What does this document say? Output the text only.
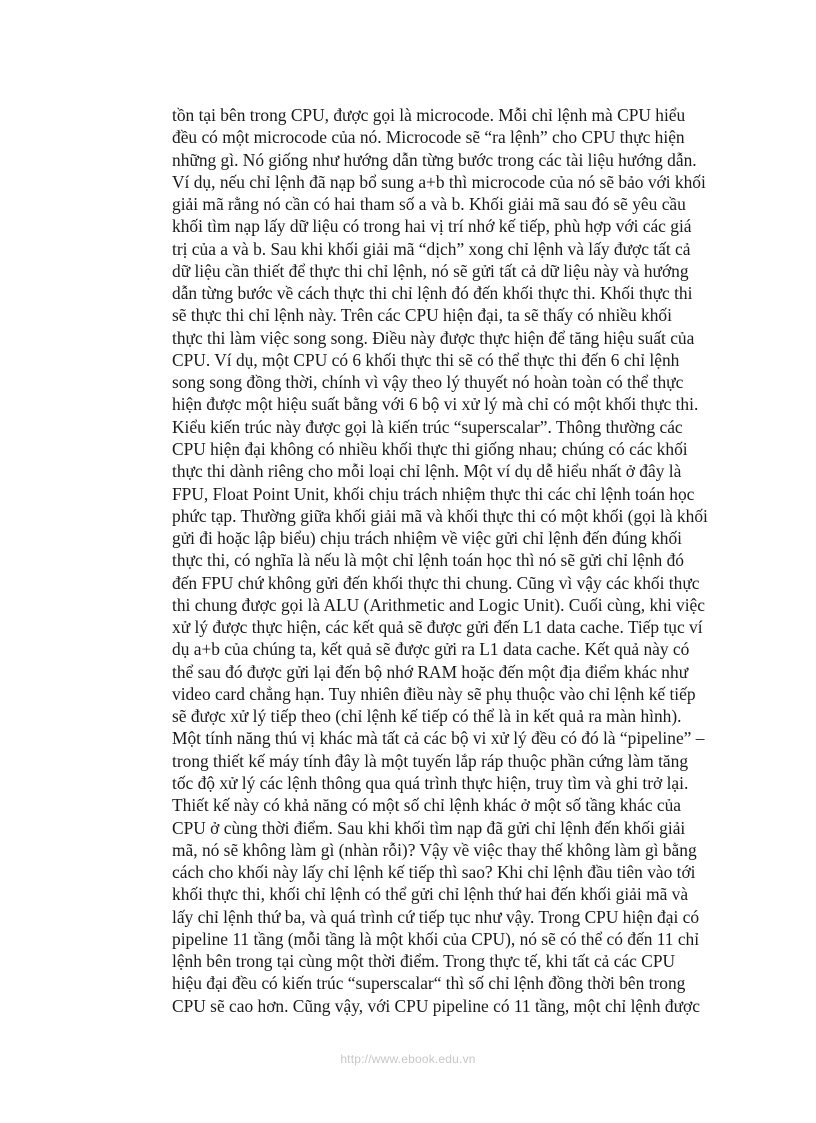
tồn tại bên trong CPU, được gọi là microcode. Mỗi chỉ lệnh mà CPU hiểu
đều có một microcode của nó. Microcode sẽ “ra lệnh” cho CPU thực hiện
những gì. Nó giống như hướng dẫn từng bước trong các tài liệu hướng dẫn.
Ví dụ, nếu chỉ lệnh đã nạp bổ sung a+b thì microcode của nó sẽ bảo với khối
giải mã rằng nó cần có hai tham số a và b. Khối giải mã sau đó sẽ yêu cầu
khối tìm nạp lấy dữ liệu có trong hai vị trí nhớ kế tiếp, phù hợp với các giá
trị của a và b. Sau khi khối giải mã “dịch” xong chỉ lệnh và lấy được tất cả
dữ liệu cần thiết để thực thi chỉ lệnh, nó sẽ gửi tất cả dữ liệu này và hướng
dẫn từng bước về cách thực thi chỉ lệnh đó đến khối thực thi. Khối thực thi
sẽ thực thi chỉ lệnh này. Trên các CPU hiện đại, ta sẽ thấy có nhiều khối
thực thi làm việc song song. Điều này được thực hiện để tăng hiệu suất của
CPU. Ví dụ, một CPU có 6 khối thực thi sẽ có thể thực thi đến 6 chỉ lệnh
song song đồng thời, chính vì vậy theo lý thuyết nó hoàn toàn có thể thực
hiện được một hiệu suất bằng với 6 bộ vi xử lý mà chỉ có một khối thực thi.
Kiểu kiến trúc này được gọi là kiến trúc “superscalar”. Thông thường các
CPU hiện đại không có nhiều khối thực thi giống nhau; chúng có các khối
thực thi dành riêng cho mỗi loại chỉ lệnh. Một ví dụ dễ hiểu nhất ở đây là
FPU, Float Point Unit, khối chịu trách nhiệm thực thi các chỉ lệnh toán học
phức tạp. Thường giữa khối giải mã và khối thực thi có một khối (gọi là khối
gửi đi hoặc lập biểu) chịu trách nhiệm về việc gửi chỉ lệnh đến đúng khối
thực thi, có nghĩa là nếu là một chỉ lệnh toán học thì nó sẽ gửi chỉ lệnh đó
đến FPU chứ không gửi đến khối thực thi chung. Cũng vì vậy các khối thực
thi chung được gọi là ALU (Arithmetic and Logic Unit). Cuối cùng, khi việc
xử lý được thực hiện, các kết quả sẽ được gửi đến L1 data cache. Tiếp tục ví
dụ a+b của chúng ta, kết quả sẽ được gửi ra L1 data cache. Kết quả này có
thể sau đó được gửi lại đến bộ nhớ RAM hoặc đến một địa điểm khác như
video card chẳng hạn. Tuy nhiên điều này sẽ phụ thuộc vào chỉ lệnh kế tiếp
sẽ được xử lý tiếp theo (chỉ lệnh kế tiếp có thể là in kết quả ra màn hình).
Một tính năng thú vị khác mà tất cả các bộ vi xử lý đều có đó là “pipeline” –
trong thiết kế máy tính đây là một tuyến lắp ráp thuộc phần cứng làm tăng
tốc độ xử lý các lệnh thông qua quá trình thực hiện, truy tìm và ghi trở lại.
Thiết kế này có khả năng có một số chỉ lệnh khác ở một số tầng khác của
CPU ở cùng thời điểm. Sau khi khối tìm nạp đã gửi chỉ lệnh đến khối giải
mã, nó sẽ không làm gì (nhàn rỗi)? Vậy về việc thay thế không làm gì bằng
cách cho khối này lấy chỉ lệnh kế tiếp thì sao? Khi chỉ lệnh đầu tiên vào tới
khối thực thi, khối chỉ lệnh có thể gửi chỉ lệnh thứ hai đến khối giải mã và
lấy chỉ lệnh thứ ba, và quá trình cứ tiếp tục như vậy. Trong CPU hiện đại có
pipeline 11 tầng (mỗi tầng là một khối của CPU), nó sẽ có thể có đến 11 chỉ
lệnh bên trong tại cùng một thời điểm. Trong thực tế, khi tất cả các CPU
hiệu đại đều có kiến trúc “superscalar“ thì số chỉ lệnh đồng thời bên trong
CPU sẽ cao hơn. Cũng vậy, với CPU pipeline có 11 tầng, một chỉ lệnh được
http://www.ebook.edu.vn
